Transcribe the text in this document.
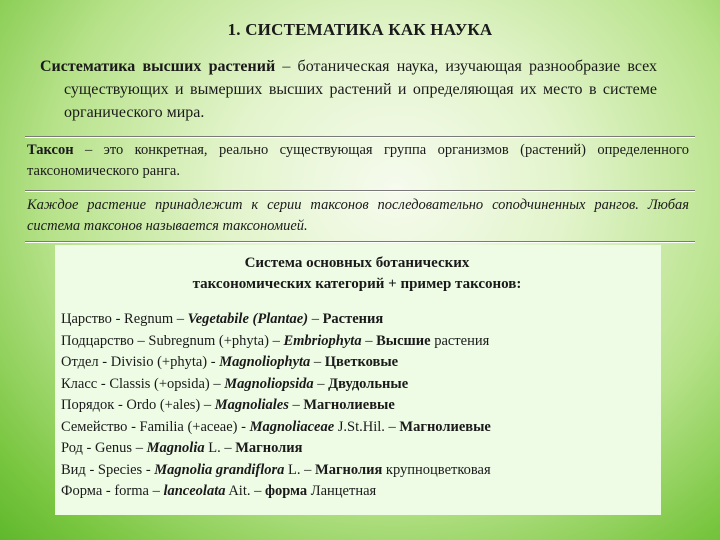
1. СИСТЕМАТИКА КАК НАУКА
Систематика высших растений – ботаническая наука, изучающая разнообразие всех существующих и вымерших высших растений и определяющая их место в системе органического мира.
Таксон – это конкретная, реально существующая группа организмов (растений) определенного таксономического ранга.
Каждое растение принадлежит к серии таксонов последовательно соподчиненных рангов. Любая система таксонов называется таксономией.
Система основных ботанических
таксономических категорий + пример таксонов:
Царство - Regnum – Vegetabile (Plantae) – Растения
Подцарство – Subregnum (+phyta) – Embriophyta – Высшие растения
Отдел - Divisio (+phyta) - Magnoliophyta – Цветковые
Класс - Classis (+opsida) – Magnoliopsida – Двудольные
Порядок - Ordo (+ales) – Magnoliales – Магнолиевые
Семейство - Familia (+aceae) - Magnoliaceae J.St.Hil. – Магнолиевые
Род - Genus – Magnolia L. – Магнолия
Вид - Species - Magnolia grandiflora L. – Магнолия крупноцветковая
Форма - forma – lanceolata Ait. – форма Ланцетная
